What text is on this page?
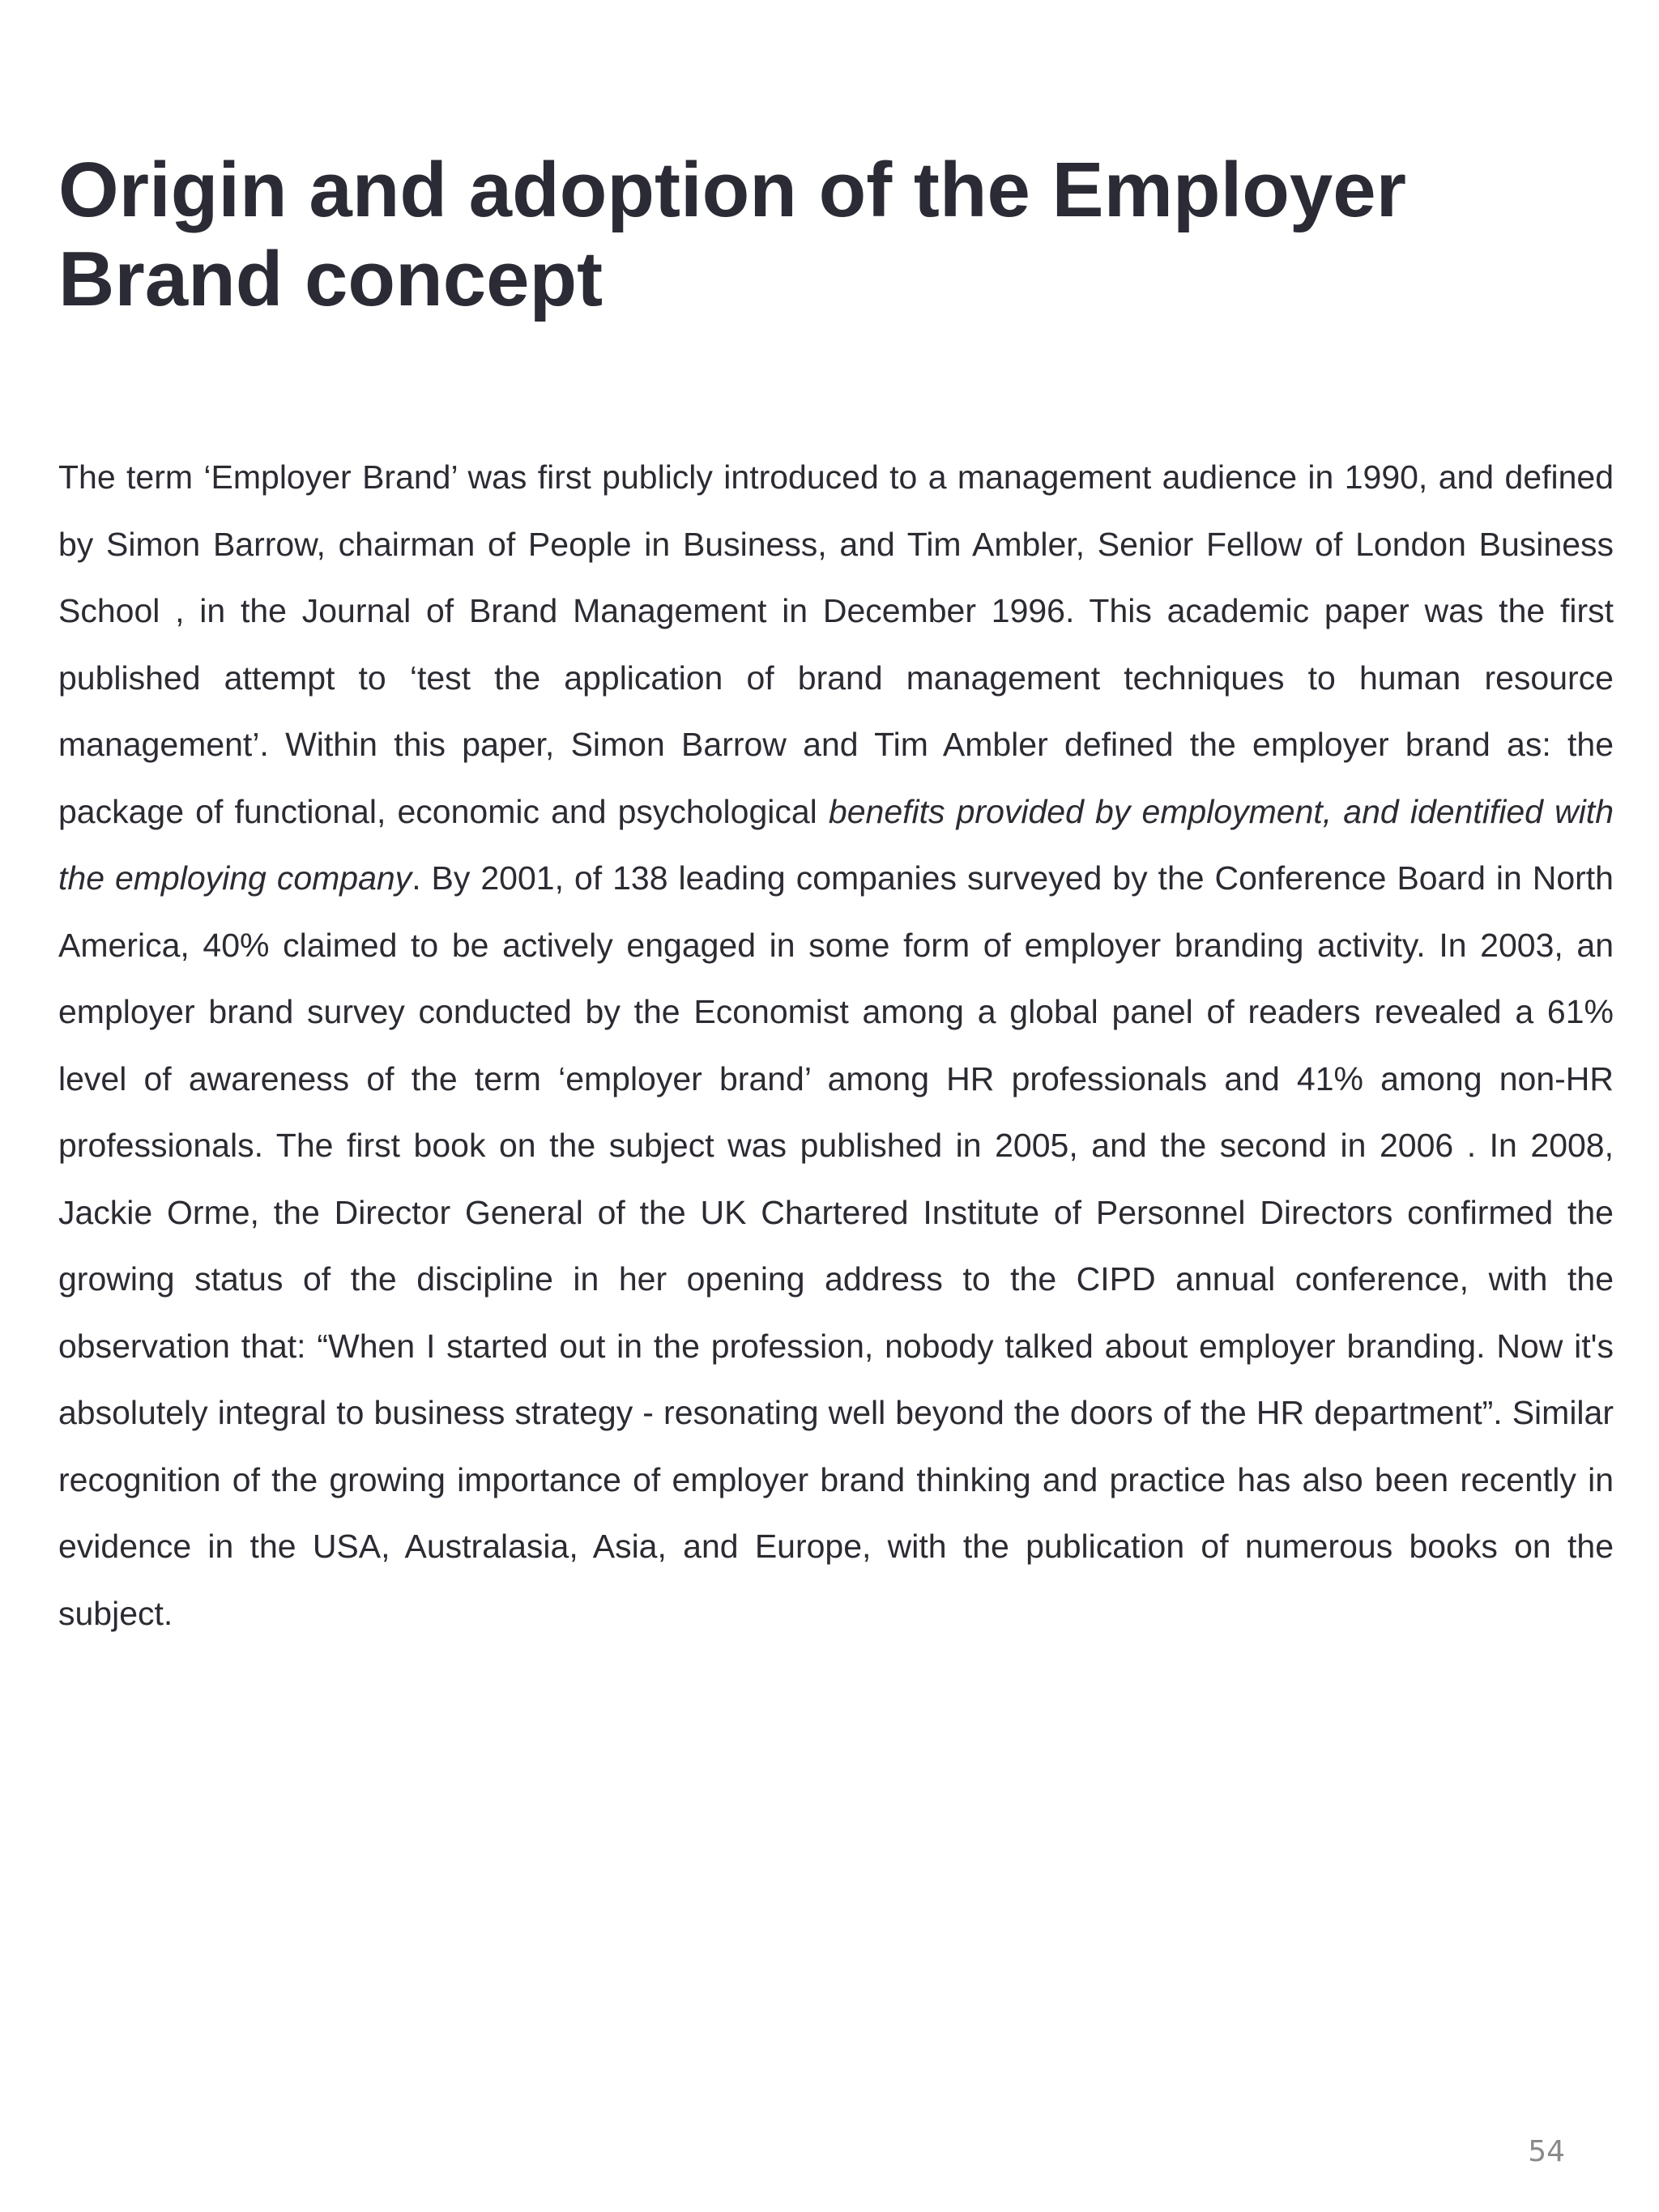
Origin and adoption of the Employer Brand concept

The term ‘Employer Brand’ was first publicly introduced to a management audience in 1990, and defined by Simon Barrow, chairman of People in Business, and Tim Ambler, Senior Fellow of London Business School , in the Journal of Brand Management in December 1996. This academic paper was the first published attempt to ‘test the application of brand management techniques to human resource management’. Within this paper, Simon Barrow and Tim Ambler defined the employer brand as: the package of functional, economic and psychological benefits provided by employment, and identified with the employing company. By 2001, of 138 leading companies surveyed by the Conference Board in North America, 40% claimed to be actively engaged in some form of employer branding activity. In 2003, an employer brand survey conducted by the Economist among a global panel of readers revealed a 61% level of awareness of the term ‘employer brand’ among HR professionals and 41% among non-HR professionals. The first book on the subject was published in 2005, and the second in 2006 . In 2008, Jackie Orme, the Director General of the UK Chartered Institute of Personnel Directors confirmed the growing status of the discipline in her opening address to the CIPD annual conference, with the observation that: “When I started out in the profession, nobody talked about employer branding. Now it's absolutely integral to business strategy - resonating well beyond the doors of the HR department”. Similar recognition of the growing importance of employer brand thinking and practice has also been recently in evidence in the USA, Australasia, Asia, and Europe, with the publication of numerous books on the subject.

54
